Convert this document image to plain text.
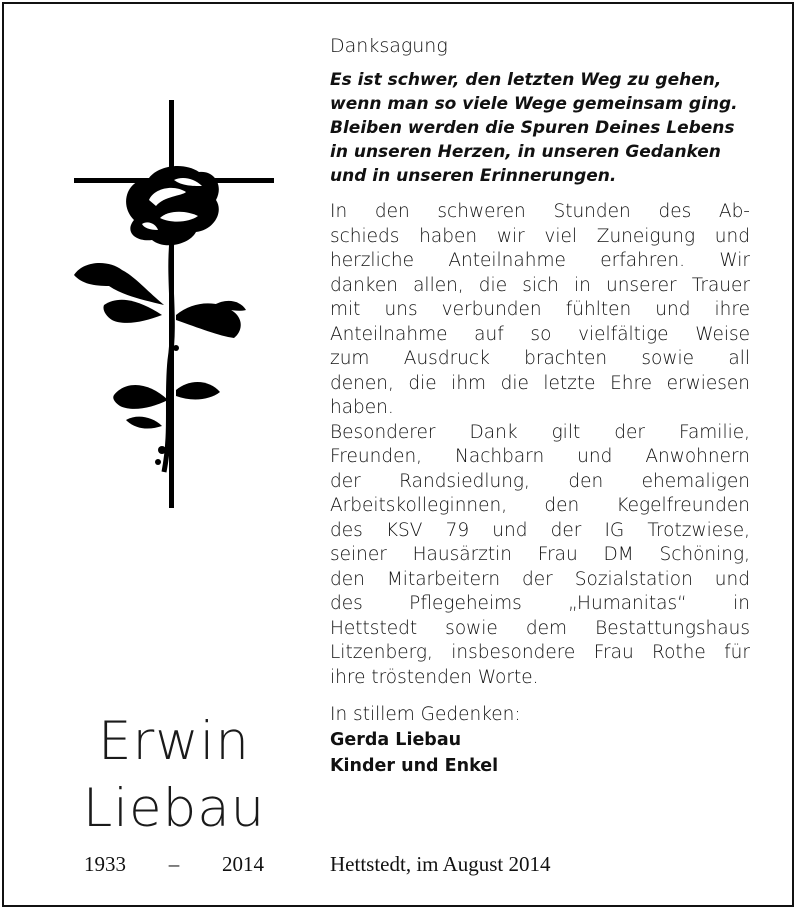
Erwin
Liebau
1933 – 2014
Danksagung
Es ist schwer, den letzten Weg zu gehen,
wenn man so viele Wege gemeinsam ging.
Bleiben werden die Spuren Deines Lebens
in unseren Herzen, in unseren Gedanken
und in unseren Erinnerungen.
In den schweren Stunden des Ab-
schieds haben wir viel Zuneigung und
herzliche Anteilnahme erfahren. Wir
danken allen, die sich in unserer Trauer
mit uns verbunden fühlten und ihre
Anteilnahme auf so vielfältige Weise
zum Ausdruck brachten sowie all
denen, die ihm die letzte Ehre erwiesen
haben.
Besonderer Dank gilt der Familie,
Freunden, Nachbarn und Anwohnern
der Randsiedlung, den ehemaligen
Arbeitskolleginnen, den Kegelfreunden
des KSV 79 und der IG Trotzwiese,
seiner Hausärztin Frau DM Schöning,
den Mitarbeitern der Sozialstation und
des Pflegeheims „Humanitas“ in
Hettstedt sowie dem Bestattungshaus
Litzenberg, insbesondere Frau Rothe für
ihre tröstenden Worte.
In stillem Gedenken:
Gerda Liebau
Kinder und Enkel
Hettstedt, im August 2014
